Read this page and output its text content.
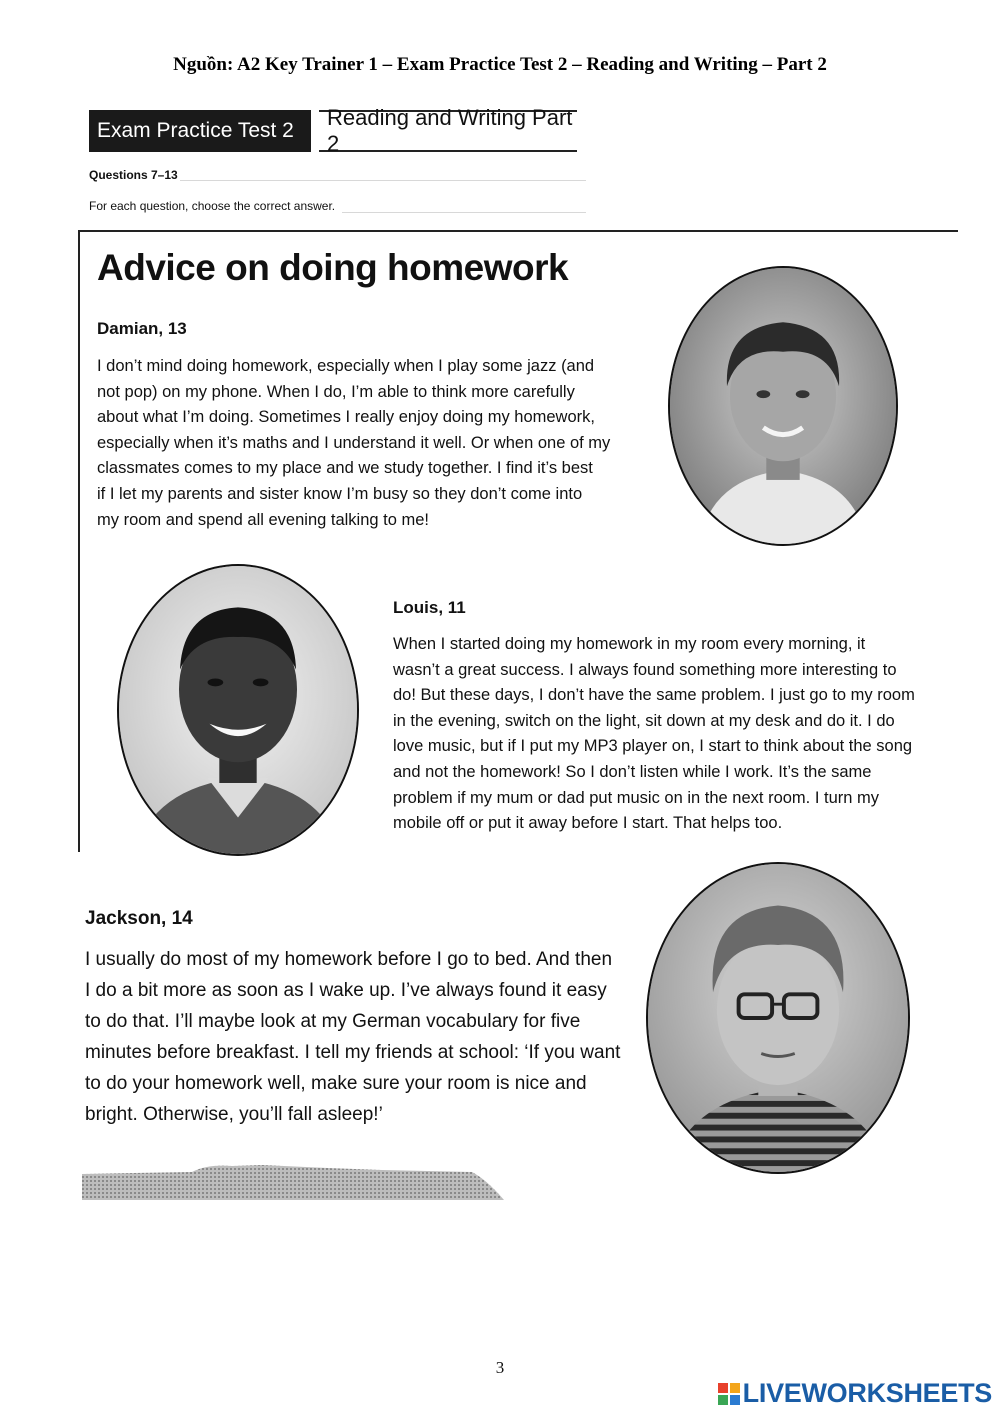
Nguồn: A2 Key Trainer 1 – Exam Practice Test 2 – Reading and Writing – Part 2
Exam Practice Test 2
Reading and Writing Part 2
Questions 7–13
For each question, choose the correct answer.
Advice on doing homework
Damian, 13
I don’t mind doing homework, especially when I play some jazz (and
not pop) on my phone. When I do, I’m able to think more carefully
about what I’m doing. Sometimes I really enjoy doing my homework,
especially when it’s maths and I understand it well. Or when one of my
classmates comes to my place and we study together. I find it’s best
if I let my parents and sister know I’m busy so they don’t come into
my room and spend all evening talking to me!
Louis, 11
When I started doing my homework in my room every morning, it
wasn’t a great success. I always found something more interesting to
do! But these days, I don’t have the same problem. I just go to my room
in the evening, switch on the light, sit down at my desk and do it. I do
love music, but if I put my MP3 player on, I start to think about the song
and not the homework! So I don’t listen while I work. It’s the same
problem if my mum or dad put music on in the next room. I turn my
mobile off or put it away before I start. That helps too.
Jackson, 14
I usually do most of my homework before I go to bed. And then
I do a bit more as soon as I wake up. I’ve always found it easy
to do that. I’ll maybe look at my German vocabulary for five
minutes before breakfast. I tell my friends at school: ‘If you want
to do your homework well, make sure your room is nice and
bright. Otherwise, you’ll fall asleep!’
3
LIVEWORKSHEETS
